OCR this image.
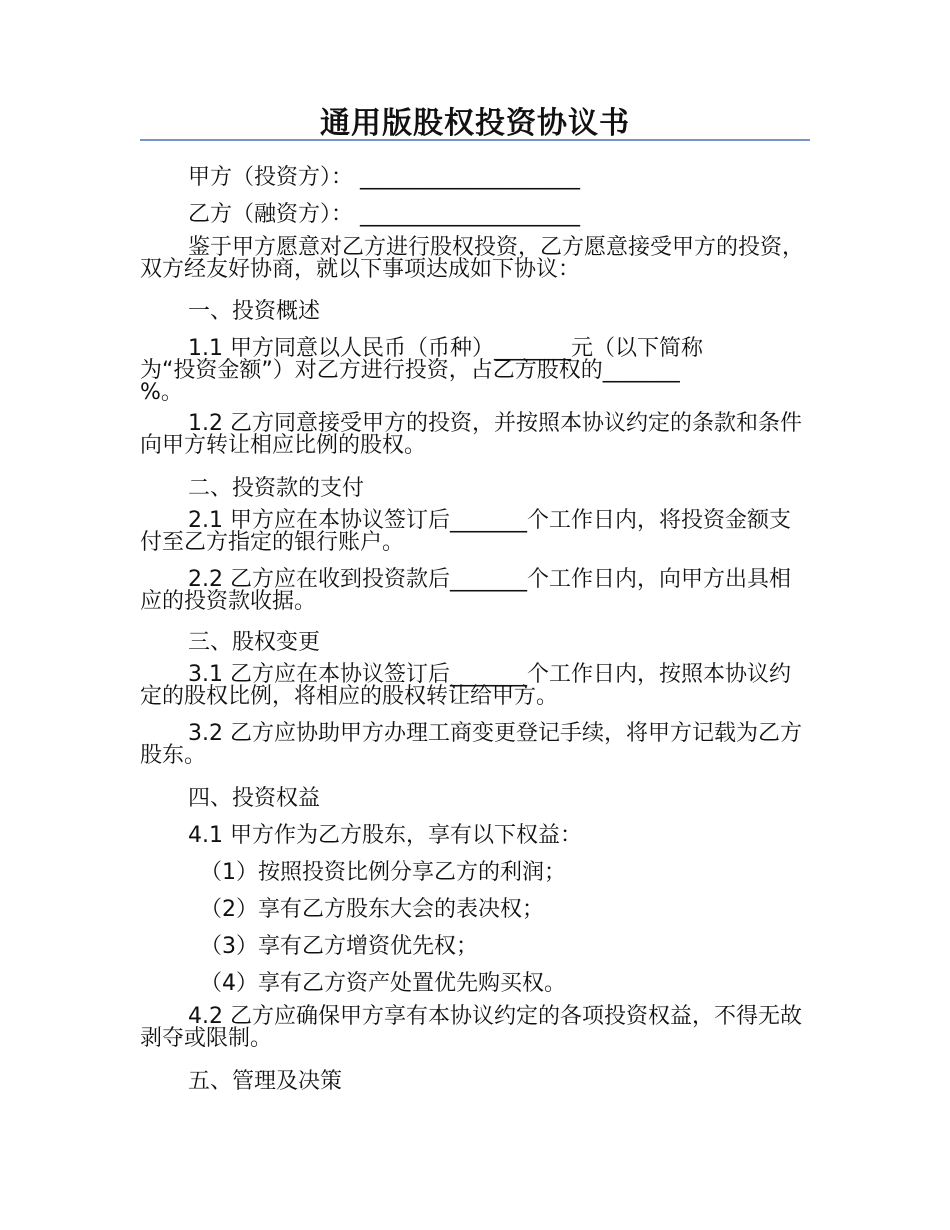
通用版股权投资协议书
甲方（投资方）： ____________________
乙方（融资方）： ____________________
鉴于甲方愿意对乙方进行股权投资，乙方愿意接受甲方的投资，双方经友好协商，就以下事项达成如下协议：
一、投资概述
1.1 甲方同意以人民币（币种）_______元（以下简称
为“投资金额”）对乙方进行投资，占乙方股权的_______
%。
1.2 乙方同意接受甲方的投资，并按照本协议约定的条款和条件向甲方转让相应比例的股权。
二、投资款的支付
2.1 甲方应在本协议签订后_______个工作日内，将投资金额支付至乙方指定的银行账户。
2.2 乙方应在收到投资款后_______个工作日内，向甲方出具相应的投资款收据。
三、股权变更
3.1 乙方应在本协议签订后_______个工作日内，按照本协议约定的股权比例，将相应的股权转让给甲方。
3.2 乙方应协助甲方办理工商变更登记手续，将甲方记载为乙方股东。
四、投资权益
4.1 甲方作为乙方股东，享有以下权益：
（1）按照投资比例分享乙方的利润；
（2）享有乙方股东大会的表决权；
（3）享有乙方增资优先权；
（4）享有乙方资产处置优先购买权。
4.2 乙方应确保甲方享有本协议约定的各项投资权益，不得无故剥夺或限制。
五、管理及决策
